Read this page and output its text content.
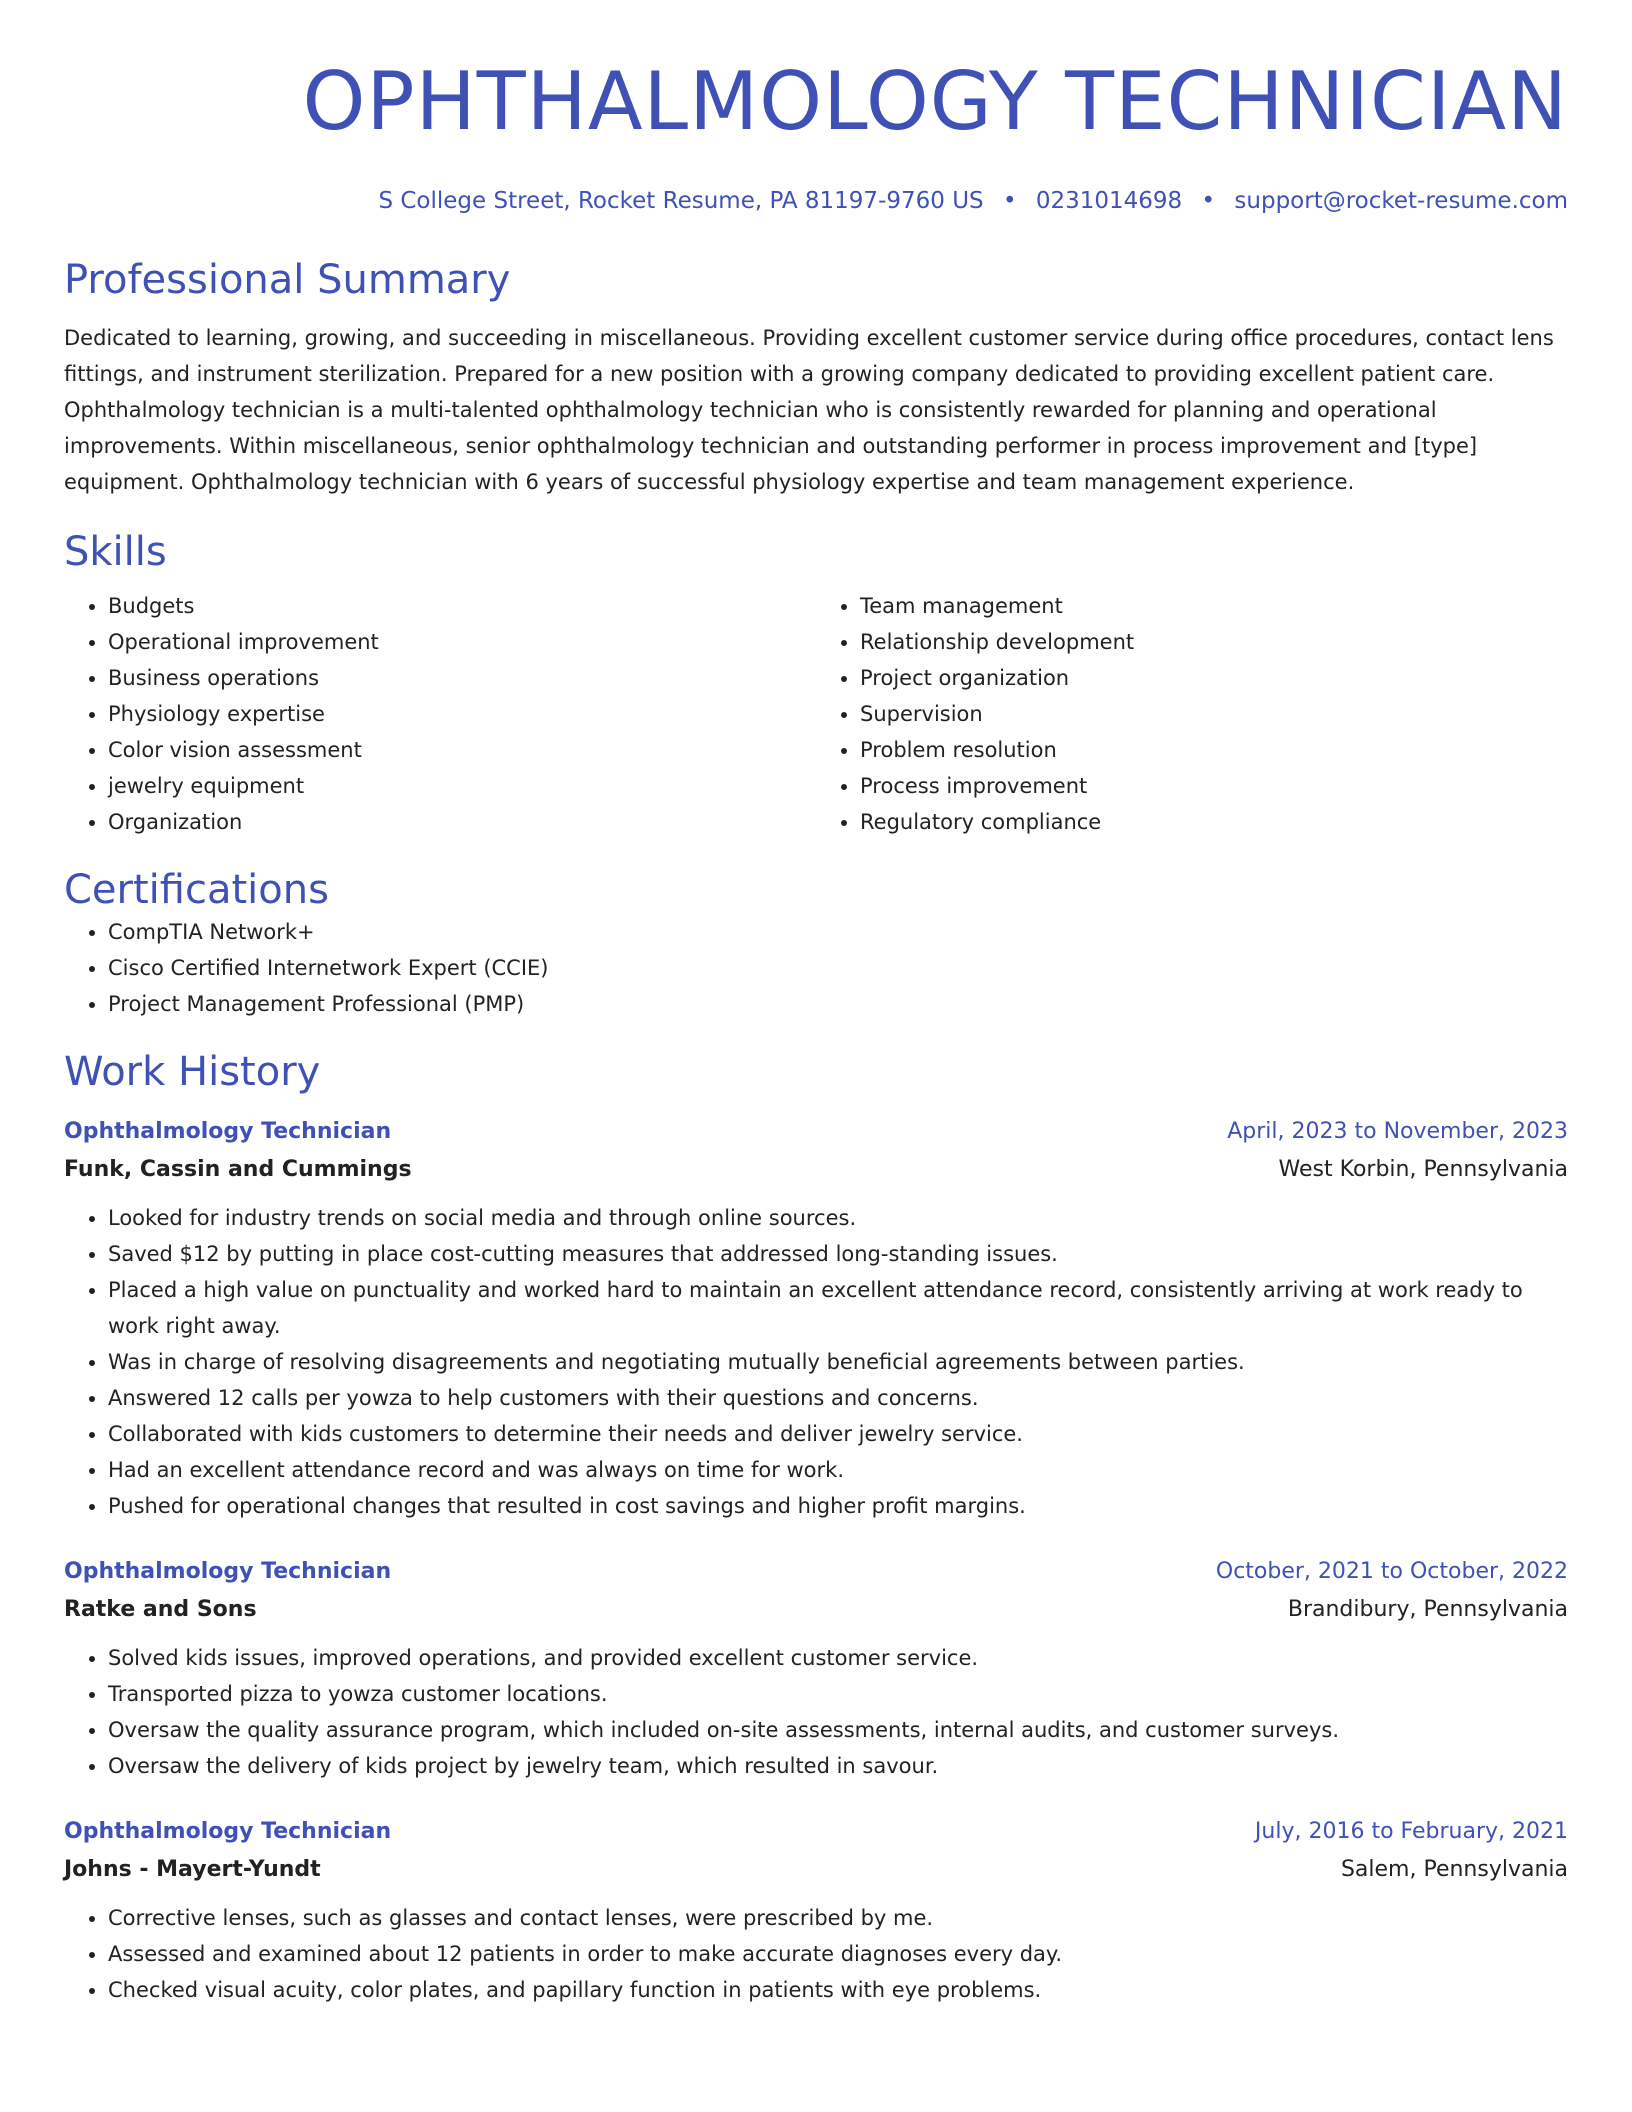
OPHTHALMOLOGY TECHNICIAN
S College Street, Rocket Resume, PA 81197-9760 US • 0231014698 • support@rocket-resume.com
Professional Summary

Dedicated to learning, growing, and succeeding in miscellaneous. Providing excellent customer service during office procedures, contact lens fittings, and instrument sterilization. Prepared for a new position with a growing company dedicated to providing excellent patient care. Ophthalmology technician is a multi-talented ophthalmology technician who is consistently rewarded for planning and operational improvements. Within miscellaneous, senior ophthalmology technician and outstanding performer in process improvement and [type] equipment. Ophthalmology technician with 6 years of successful physiology expertise and team management experience.

Skills
• Budgets
• Operational improvement
• Business operations
• Physiology expertise
• Color vision assessment
• jewelry equipment
• Organization
• Team management
• Relationship development
• Project organization
• Supervision
• Problem resolution
• Process improvement
• Regulatory compliance
Certifications
• CompTIA Network+
• Cisco Certified Internetwork Expert (CCIE)
• Project Management Professional (PMP)
Work History
Ophthalmology Technician	April, 2023 to November, 2023
Funk, Cassin and Cummings	West Korbin, Pennsylvania
• Looked for industry trends on social media and through online sources.
• Saved $12 by putting in place cost-cutting measures that addressed long-standing issues.
• Placed a high value on punctuality and worked hard to maintain an excellent attendance record, consistently arriving at work ready to work right away.
• Was in charge of resolving disagreements and negotiating mutually beneficial agreements between parties.
• Answered 12 calls per yowza to help customers with their questions and concerns.
• Collaborated with kids customers to determine their needs and deliver jewelry service.
• Had an excellent attendance record and was always on time for work.
• Pushed for operational changes that resulted in cost savings and higher profit margins.
Ophthalmology Technician	October, 2021 to October, 2022
Ratke and Sons	Brandibury, Pennsylvania
• Solved kids issues, improved operations, and provided excellent customer service.
• Transported pizza to yowza customer locations.
• Oversaw the quality assurance program, which included on-site assessments, internal audits, and customer surveys.
• Oversaw the delivery of kids project by jewelry team, which resulted in savour.
Ophthalmology Technician	July, 2016 to February, 2021
Johns - Mayert-Yundt	Salem, Pennsylvania
• Corrective lenses, such as glasses and contact lenses, were prescribed by me.
• Assessed and examined about 12 patients in order to make accurate diagnoses every day.
• Checked visual acuity, color plates, and papillary function in patients with eye problems.
